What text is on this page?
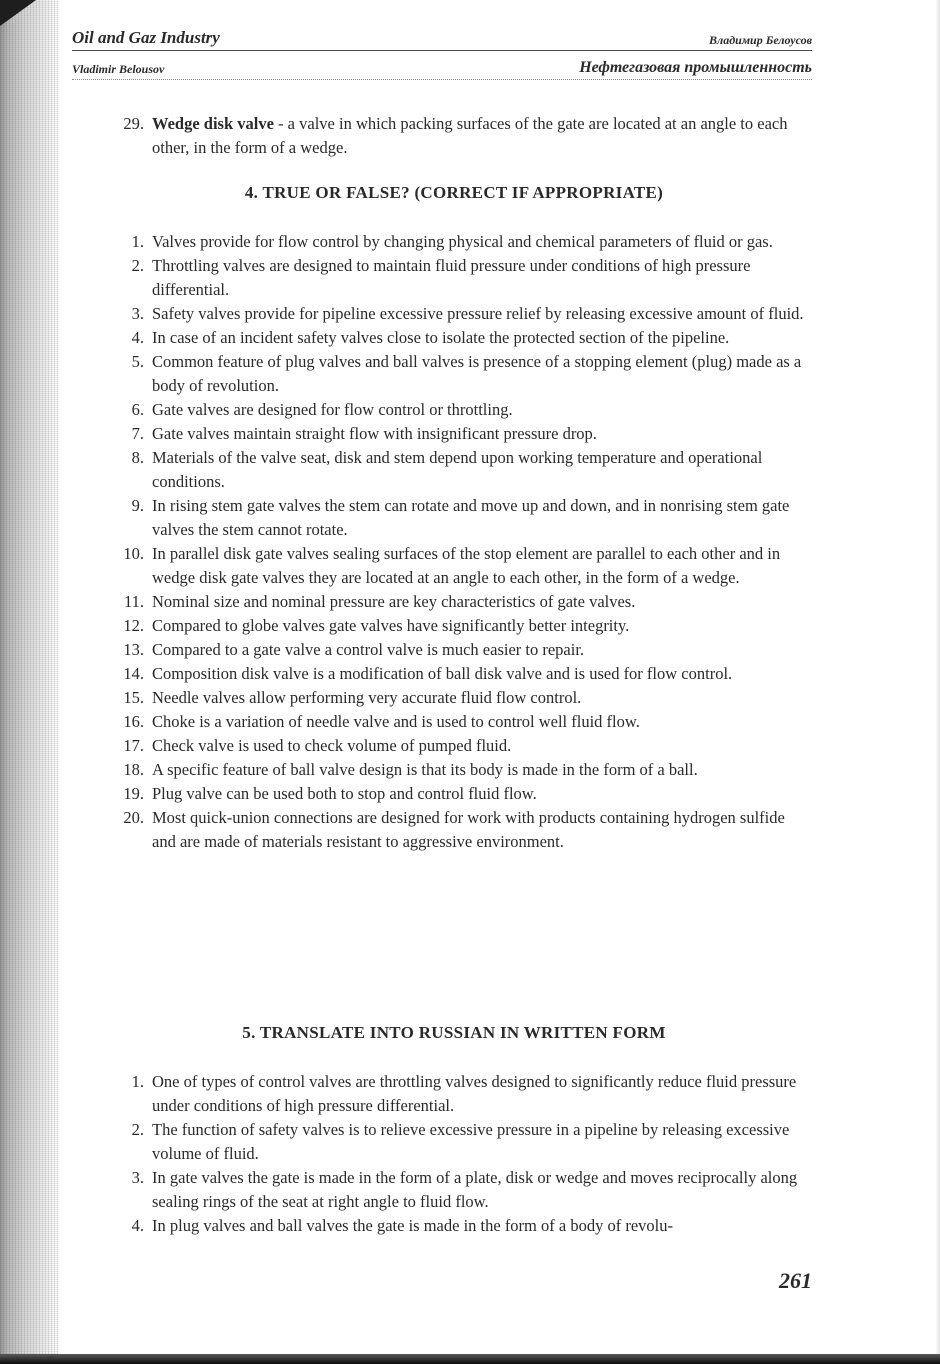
Oil and Gaz Industry	Владимир Белоусов
Vladimir Belousov	Нефтегазовая промышленность
29. Wedge disk valve - a valve in which packing surfaces of the gate are located at an angle to each other, in the form of a wedge.
4. TRUE OR FALSE? (CORRECT IF APPROPRIATE)
1. Valves provide for flow control by changing physical and chemical parameters of fluid or gas.
2. Throttling valves are designed to maintain fluid pressure under conditions of high pressure differential.
3. Safety valves provide for pipeline excessive pressure relief by releasing excessive amount of fluid.
4. In case of an incident safety valves close to isolate the protected section of the pipeline.
5. Common feature of plug valves and ball valves is presence of a stopping element (plug) made as a body of revolution.
6. Gate valves are designed for flow control or throttling.
7. Gate valves maintain straight flow with insignificant pressure drop.
8. Materials of the valve seat, disk and stem depend upon working temperature and operational conditions.
9. In rising stem gate valves the stem can rotate and move up and down, and in nonrising stem gate valves the stem cannot rotate.
10. In parallel disk gate valves sealing surfaces of the stop element are parallel to each other and in wedge disk gate valves they are located at an angle to each other, in the form of a wedge.
11. Nominal size and nominal pressure are key characteristics of gate valves.
12. Compared to globe valves gate valves have significantly better integrity.
13. Compared to a gate valve a control valve is much easier to repair.
14. Composition disk valve is a modification of ball disk valve and is used for flow control.
15. Needle valves allow performing very accurate fluid flow control.
16. Choke is a variation of needle valve and is used to control well fluid flow.
17. Check valve is used to check volume of pumped fluid.
18. A specific feature of ball valve design is that its body is made in the form of a ball.
19. Plug valve can be used both to stop and control fluid flow.
20. Most quick-union connections are designed for work with products containing hydrogen sulfide and are made of materials resistant to aggressive environment.
5. TRANSLATE INTO RUSSIAN IN WRITTEN FORM
1. One of types of control valves are throttling valves designed to significantly reduce fluid pressure under conditions of high pressure differential.
2. The function of safety valves is to relieve excessive pressure in a pipeline by releasing excessive volume of fluid.
3. In gate valves the gate is made in the form of a plate, disk or wedge and moves reciprocally along sealing rings of the seat at right angle to fluid flow.
4. In plug valves and ball valves the gate is made in the form of a body of revolu-
261
